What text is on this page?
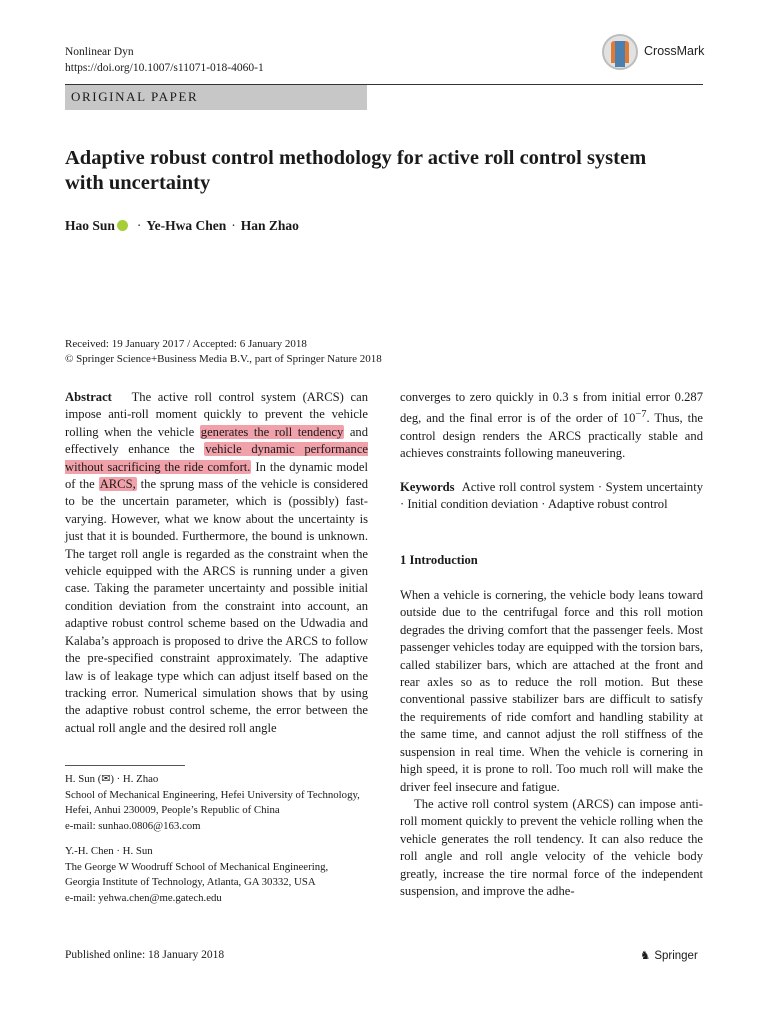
Nonlinear Dyn
https://doi.org/10.1007/s11071-018-4060-1
CrossMark
ORIGINAL PAPER
Adaptive robust control methodology for active roll control system with uncertainty
Hao Sun · Ye-Hwa Chen · Han Zhao
Received: 19 January 2017 / Accepted: 6 January 2018
© Springer Science+Business Media B.V., part of Springer Nature 2018

Abstract The active roll control system (ARCS) can impose anti-roll moment quickly to prevent the vehicle rolling when the vehicle generates the roll tendency and effectively enhance the vehicle dynamic performance without sacrificing the ride comfort. In the dynamic model of the ARCS, the sprung mass of the vehicle is considered to be the uncertain parameter, which is (possibly) fast-varying. However, what we know about the uncertainty is just that it is bounded. Furthermore, the bound is unknown. The target roll angle is regarded as the constraint when the vehicle equipped with the ARCS is running under a given case. Taking the parameter uncertainty and possible initial condition deviation from the constraint into account, an adaptive robust control scheme based on the Udwadia and Kalaba’s approach is proposed to drive the ARCS to follow the pre-specified constraint approximately. The adaptive law is of leakage type which can adjust itself based on the tracking error. Numerical simulation shows that by using the adaptive robust control scheme, the error between the actual roll angle and the desired roll angle

H. Sun (✉) · H. Zhao
School of Mechanical Engineering, Hefei University of Technology, Hefei, Anhui 230009, People’s Republic of China
e-mail: sunhao.0806@163.com

Y.-H. Chen · H. Sun
The George W Woodruff School of Mechanical Engineering, Georgia Institute of Technology, Atlanta, GA 30332, USA
e-mail: yehwa.chen@me.gatech.edu

converges to zero quickly in 0.3 s from initial error 0.287 deg, and the final error is of the order of $10^{-7}$. Thus, the control design renders the ARCS practically stable and achieves constraints following maneuvering.

Keywords Active roll control system · System uncertainty · Initial condition deviation · Adaptive robust control

1 Introduction

When a vehicle is cornering, the vehicle body leans toward outside due to the centrifugal force and this roll motion degrades the driving comfort that the passenger feels. Most passenger vehicles today are equipped with the torsion bars, called stabilizer bars, which are attached at the front and rear axles so as to reduce the roll motion. But these conventional passive stabilizer bars are difficult to satisfy the requirements of ride comfort and handling stability at the same time, and cannot adjust the roll stiffness of the suspension in real time. When the vehicle is cornering in high speed, it is prone to roll. Too much roll will make the driver feel insecure and fatigue.

The active roll control system (ARCS) can impose anti-roll moment quickly to prevent the vehicle rolling when the vehicle generates the roll tendency. It can also reduce the roll angle and roll angle velocity of the vehicle body greatly, increase the tire normal force of the independent suspension, and improve the adhe-

Published online: 18 January 2018	♞ Springer
